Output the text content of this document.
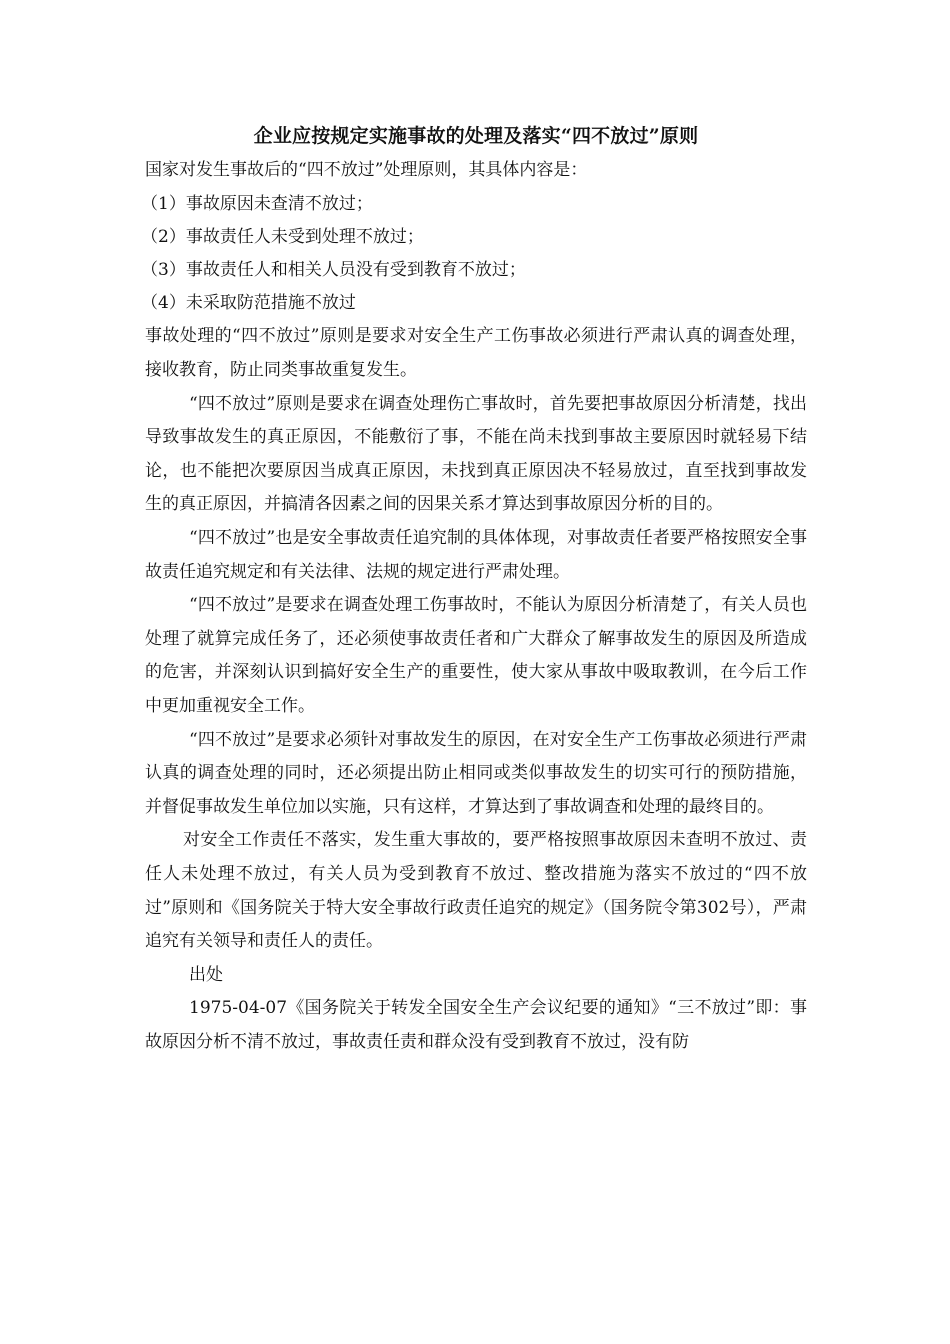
企业应按规定实施事故的处理及落实“四不放过”原则

国家对发生事故后的“四不放过”处理原则，其具体内容是：

（1）事故原因未查清不放过；

（2）事故责任人未受到处理不放过；

（3）事故责任人和相关人员没有受到教育不放过；

（4）未采取防范措施不放过

事故处理的“四不放过”原则是要求对安全生产工伤事故必须进行严肃认真的调查处理，接收教育，防止同类事故重复发生。

“四不放过”原则是要求在调查处理伤亡事故时，首先要把事故原因分析清楚，找出导致事故发生的真正原因，不能敷衍了事，不能在尚未找到事故主要原因时就轻易下结论，也不能把次要原因当成真正原因，未找到真正原因决不轻易放过，直至找到事故发生的真正原因，并搞清各因素之间的因果关系才算达到事故原因分析的目的。

“四不放过”也是安全事故责任追究制的具体体现，对事故责任者要严格按照安全事故责任追究规定和有关法律、法规的规定进行严肃处理。

“四不放过”是要求在调查处理工伤事故时，不能认为原因分析清楚了，有关人员也处理了就算完成任务了，还必须使事故责任者和广大群众了解事故发生的原因及所造成的危害，并深刻认识到搞好安全生产的重要性，使大家从事故中吸取教训，在今后工作中更加重视安全工作。

“四不放过”是要求必须针对事故发生的原因，在对安全生产工伤事故必须进行严肃认真的调查处理的同时，还必须提出防止相同或类似事故发生的切实可行的预防措施，并督促事故发生单位加以实施，只有这样，才算达到了事故调查和处理的最终目的。

对安全工作责任不落实，发生重大事故的，要严格按照事故原因未查明不放过、责任人未处理不放过，有关人员为受到教育不放过、整改措施为落实不放过的“四不放过”原则和《国务院关于特大安全事故行政责任追究的规定》（国务院令第302号），严肃追究有关领导和责任人的责任。

出处

1975-04-07《国务院关于转发全国安全生产会议纪要的通知》“三不放过”即：事故原因分析不清不放过，事故责任责和群众没有受到教育不放过，没有防
